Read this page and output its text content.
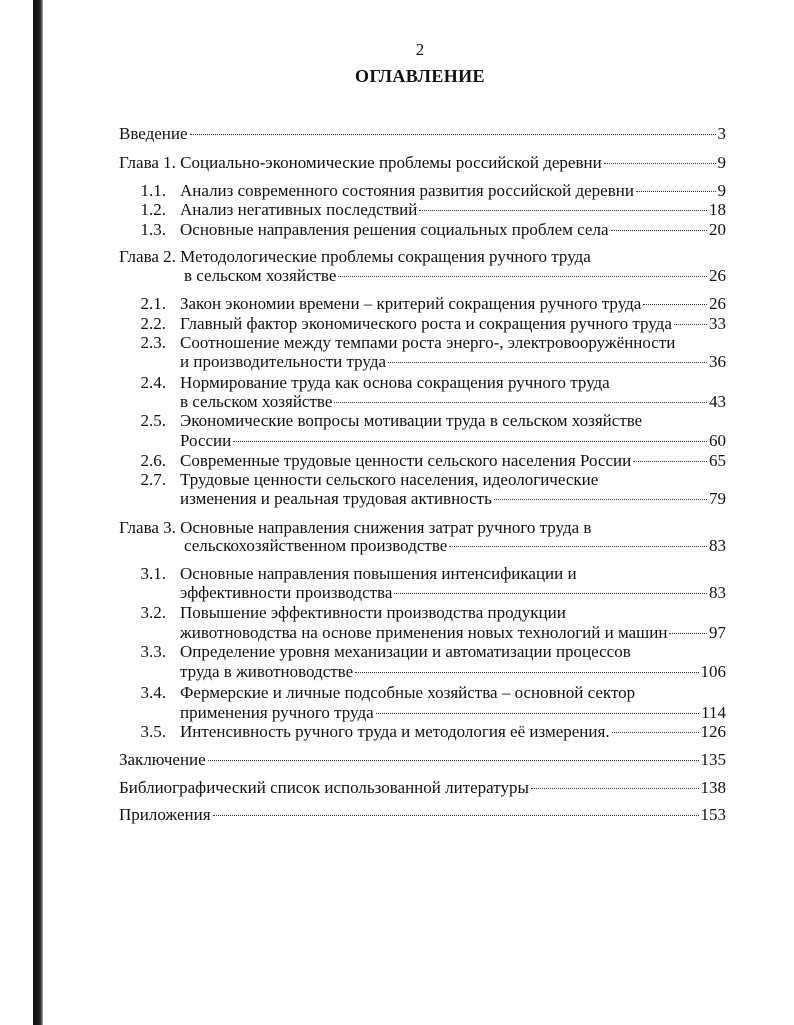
2
ОГЛАВЛЕНИЕ
Введение	3
Глава 1. Социально-экономические проблемы российской деревни	9
1.1. Анализ современного состояния развития российской деревни	9
1.2. Анализ негативных последствий	18
1.3. Основные направления решения социальных проблем села	20
Глава 2. Методологические проблемы сокращения ручного труда
в сельском хозяйстве	26
2.1. Закон экономии времени – критерий сокращения ручного труда	26
2.2. Главный фактор экономического роста и сокращения ручного труда 33
2.3. Соотношение между темпами роста энерго-, электровооружённости
и производительности труда	36
2.4. Нормирование труда как основа сокращения ручного труда
в сельском хозяйстве	43
2.5. Экономические вопросы мотивации труда в сельском хозяйстве
России	60
2.6. Современные трудовые ценности сельского населения России	65
2.7. Трудовые ценности сельского населения, идеологические
изменения и реальная трудовая активность	79
Глава 3. Основные направления снижения затрат ручного труда в
сельскохозяйственном производстве	83
3.1. Основные направления повышения интенсификации и
эффективности производства	83
3.2. Повышение эффективности производства продукции
животноводства на основе применения новых технологий и машин 97
3.3. Определение уровня механизации и автоматизации процессов
труда в животноводстве	106
3.4. Фермерские и личные подсобные хозяйства – основной сектор
применения ручного труда	114
3.5. Интенсивность ручного труда и методология её измерения.	126
Заключение	135
Библиографический список использованной литературы	138
Приложения	153
